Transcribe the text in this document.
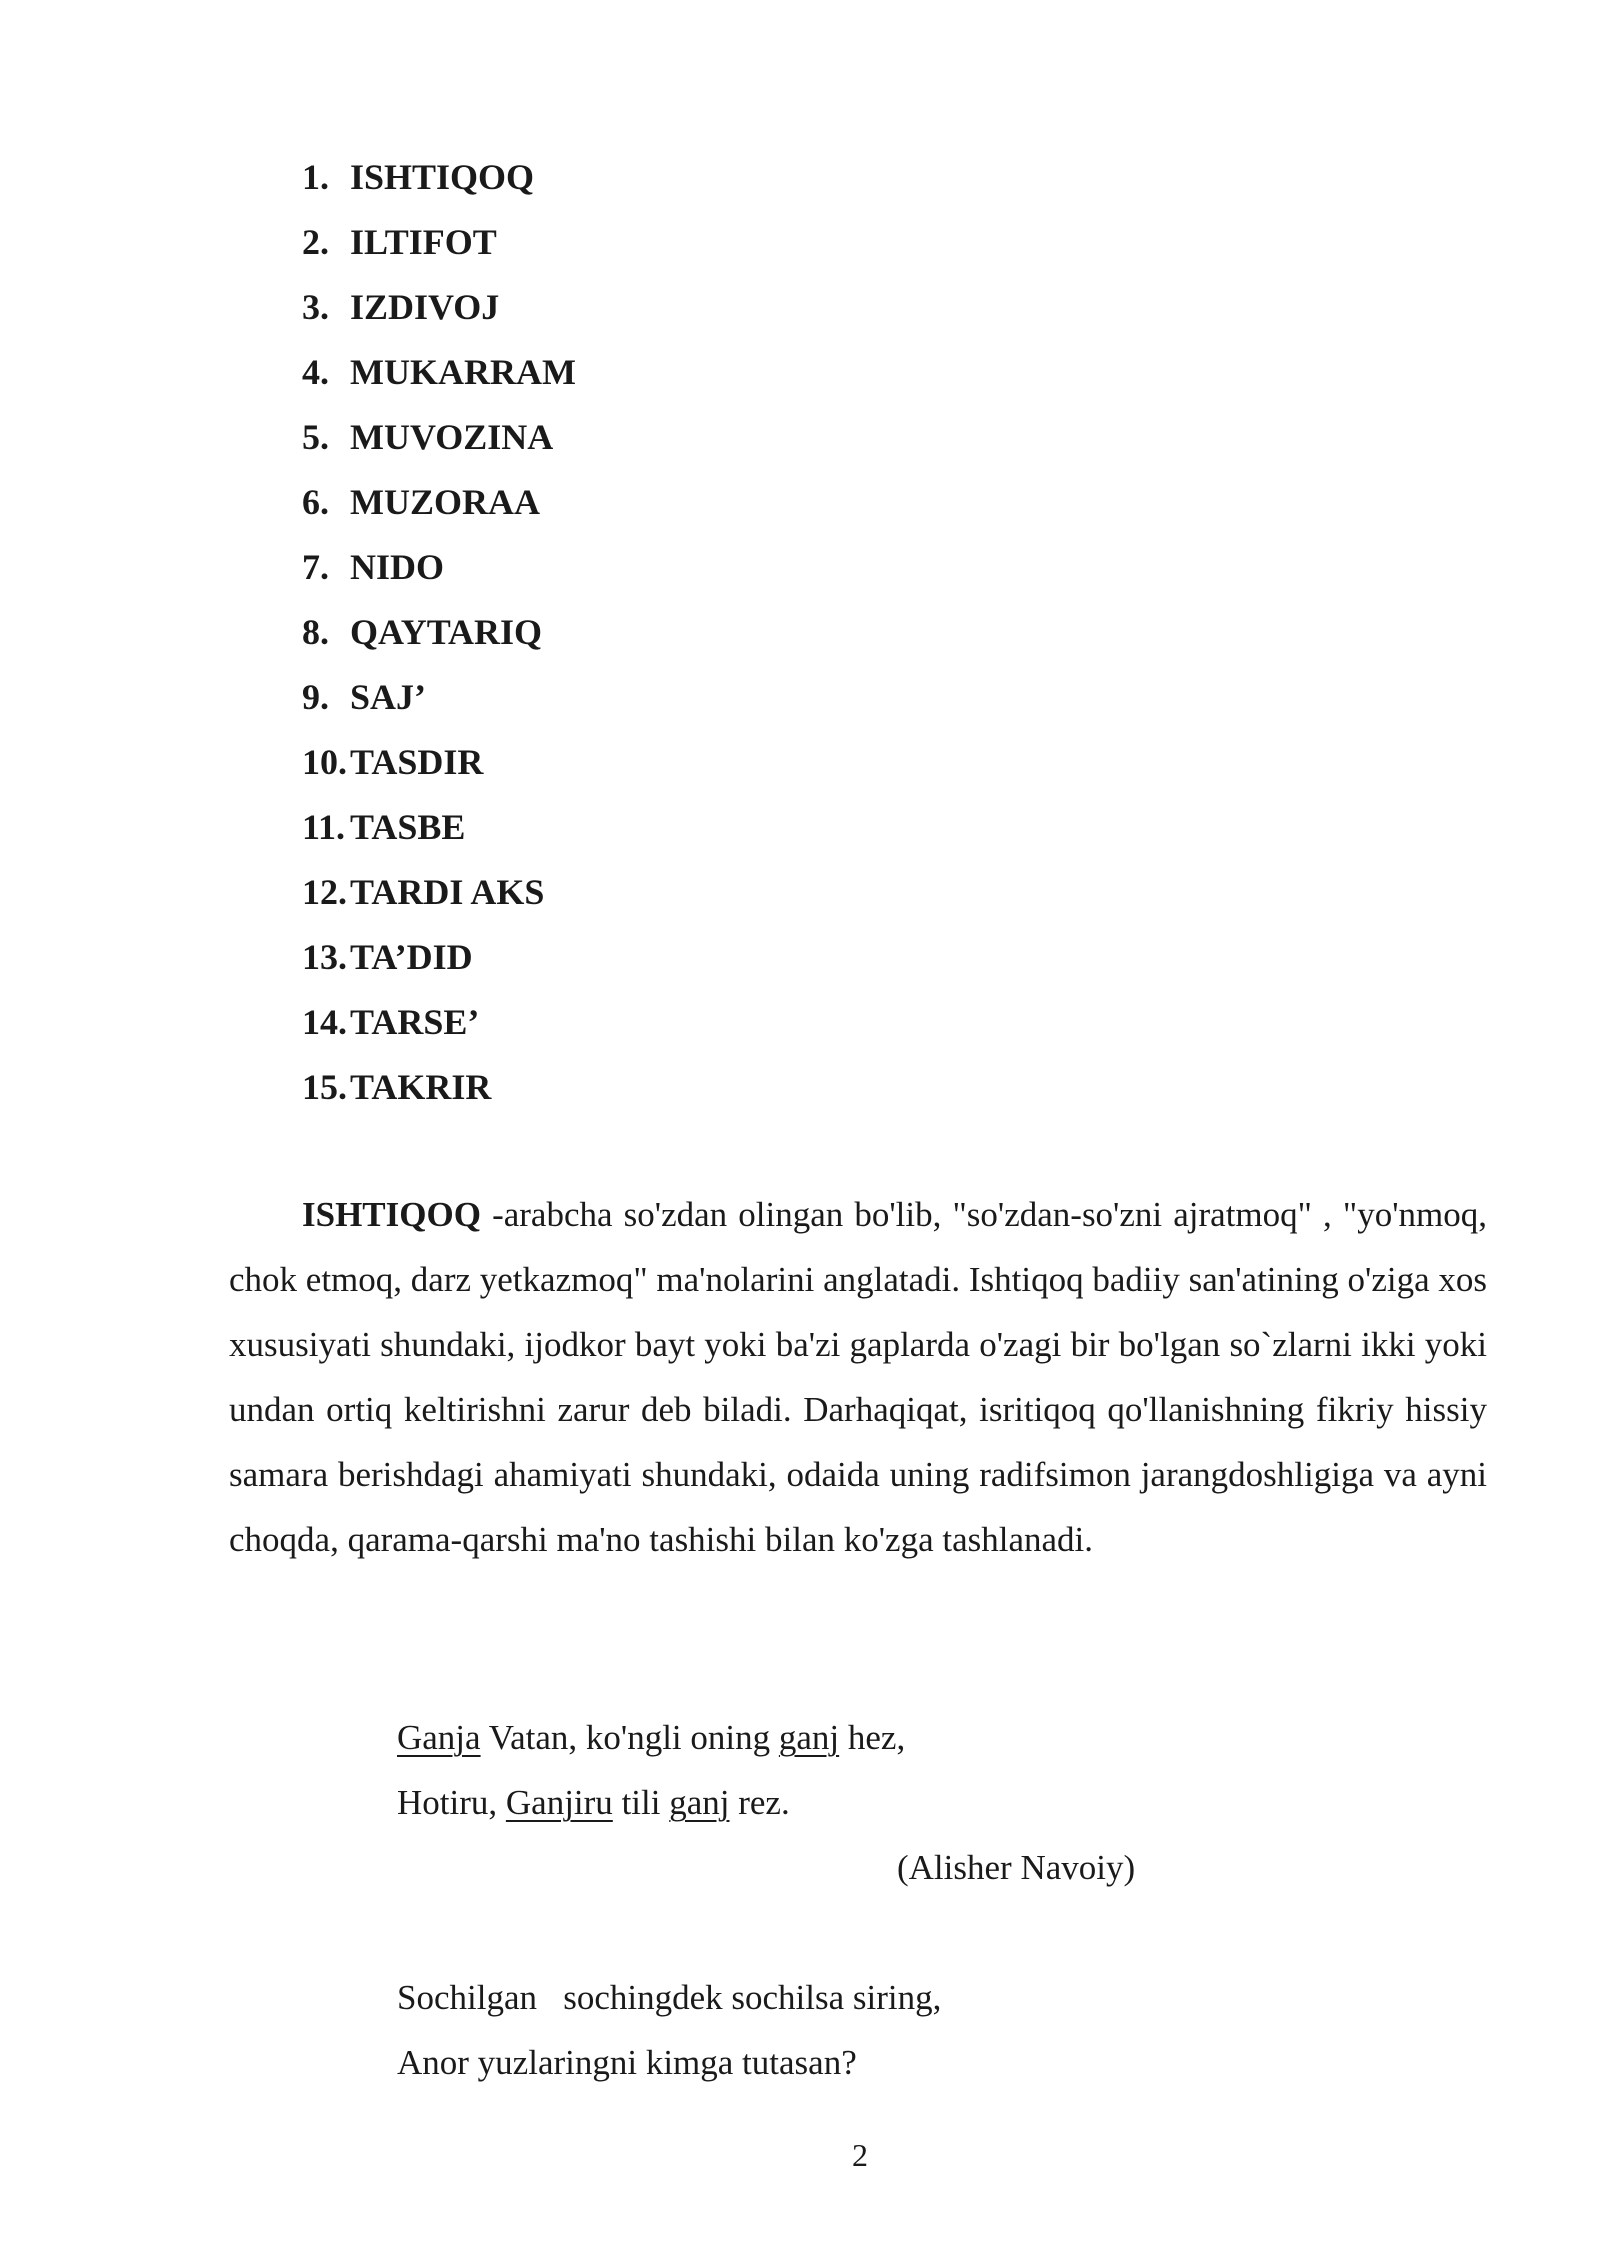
1. ISHTIQOQ
2. ILTIFOT
3. IZDIVOJ
4. MUKARRAM
5. MUVOZINA
6. MUZORAA
7. NIDO
8. QAYTARIQ
9. SAJ’
10. TASDIR
11. TASBE
12. TARDI AKS
13. TA’DID
14. TARSE’
15. TAKRIR

ISHTIQOQ -arabcha so'zdan olingan bo'lib, "so'zdan-so'zni ajratmoq" , "yo'nmoq, chok etmoq, darz yetkazmoq" ma'nolarini anglatadi. Ishtiqoq badiiy san'atining o'ziga xos xususiyati shundaki, ijodkor bayt yoki ba'zi gaplarda o'zagi bir bo'lgan so`zlarni ikki yoki undan ortiq keltirishni zarur deb biladi. Darhaqiqat, isritiqoq qo'llanishning fikriy hissiy samara berishdagi ahamiyati shundaki, odaida uning radifsimon jarangdoshligiga va ayni choqda, qarama-qarshi ma'no tashishi bilan ko'zga tashlanadi.

Ganja Vatan, ko'ngli oning ganj hez,
Hotiru, Ganjiru tili ganj rez.
(Alisher Navoiy)
Sochilgan   sochingdek sochilsa siring,
Anor yuzlaringni kimga tutasan?
2
